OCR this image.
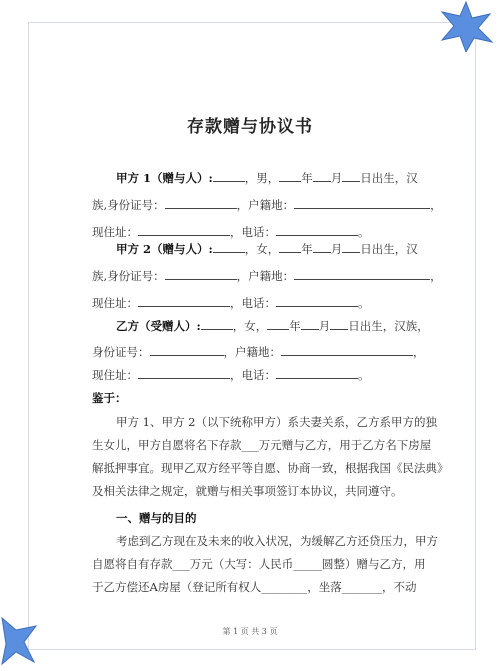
存款赠与协议书
甲方 1（赠与人）:	，男， 年 月 日出生，汉
族,身份证号：	，户籍地：	，
现住址：	，电话：	。
甲方 2（赠与人）:	，女， 年 月 日出生，汉
族,身份证号：	，户籍地：	，
现住址：	，电话：	。
乙方（受赠人）:	，女， 年 月 日出生，汉族，
身份证号：	，户籍地：	，
现住址：	，电话：	。
鉴于：
甲方 1、甲方 2（以下统称甲方）系夫妻关系，乙方系甲方的独
生女儿，甲方自愿将名下存款___万元赠与乙方，用于乙方名下房屋
解抵押事宜。现甲乙双方经平等自愿、协商一致，根据我国《民法典》
及相关法律之规定，就赠与相关事项签订本协议，共同遵守。
一、赠与的目的
考虑到乙方现在及未来的收入状况，为缓解乙方还贷压力，甲方
自愿将自有存款___万元（大写：人民币_____圆整）赠与乙方，用
于乙方偿还A房屋（登记所有权人________，坐落_______，不动
第 1 页 共 3 页
